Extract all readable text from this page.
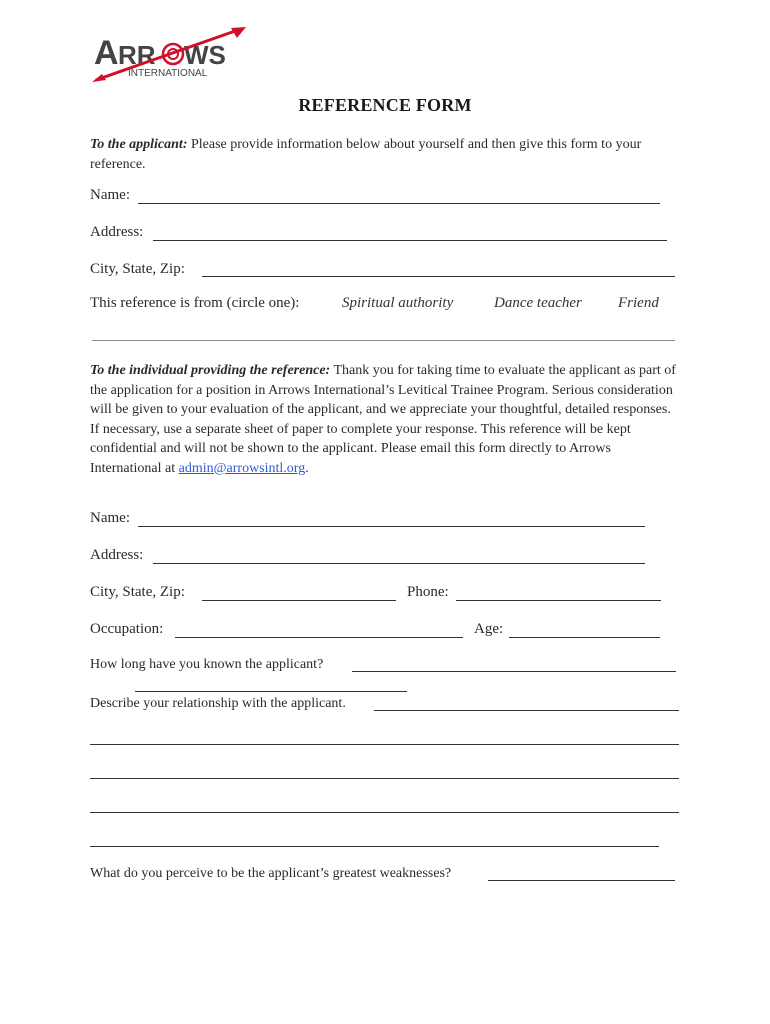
A RR WS
INTERNATIONAL
REFERENCE FORM
To the applicant: Please provide information below about yourself and then give this form to your reference.
Name:
Address:
City, State, Zip:
This reference is from (circle one):	Spiritual authority	Dance teacher Friend
To the individual providing the reference: Thank you for taking time to evaluate the applicant as part of the application for a position in Arrows International’s Levitical Trainee Program. Serious consideration will be given to your evaluation of the applicant, and we appreciate your thoughtful, detailed responses. If necessary, use a separate sheet of paper to complete your response. This reference will be kept confidential and will not be shown to the applicant. Please email this form directly to Arrows International at admin@arrowsintl.org.
Name:
Address:
City, State, Zip:	Phone:
Occupation:	Age:
How long have you known the applicant?
Describe your relationship with the applicant.
What do you perceive to be the applicant’s greatest weaknesses?
